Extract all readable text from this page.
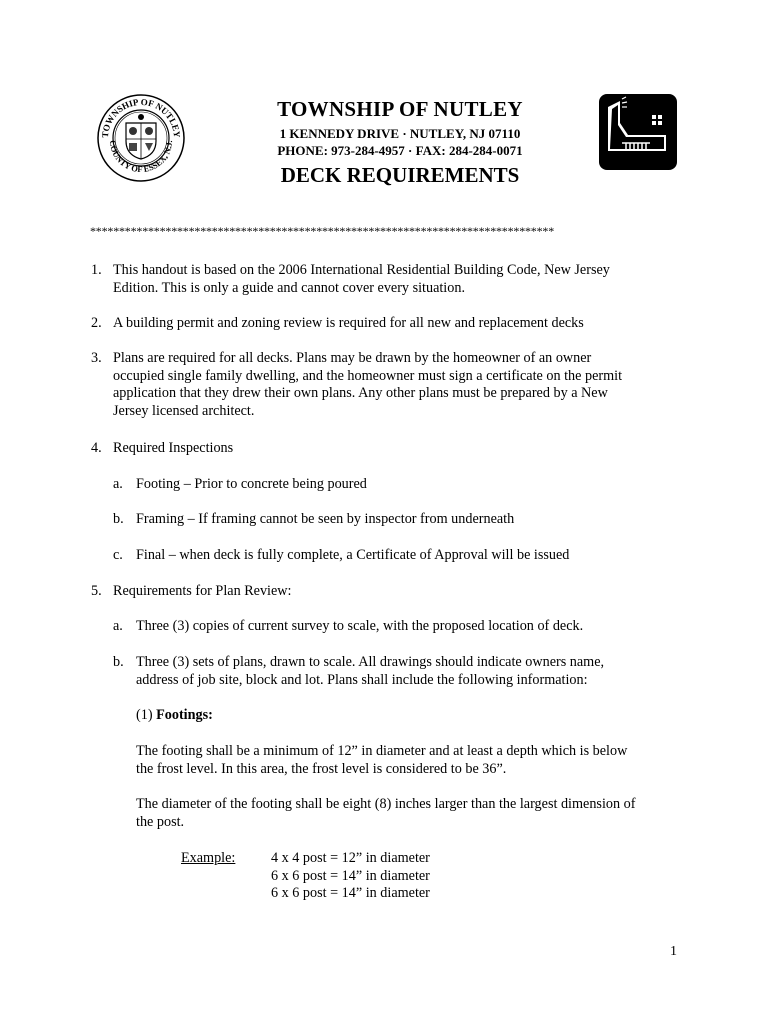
TOWNSHIP OF NUTLEY
COUNTY OF ESSEX, N.J.
TOWNSHIP OF NUTLEY
1 KENNEDY DRIVE · NUTLEY, NJ 07110
PHONE: 973-284-4957 · FAX: 284-284-0071
DECK REQUIREMENTS
********************************************************************************
1. This handout is based on the 2006 International Residential Building Code, New Jersey
Edition. This is only a guide and cannot cover every situation.
2. A building permit and zoning review is required for all new and replacement decks
3. Plans are required for all decks. Plans may be drawn by the homeowner of an owner
occupied single family dwelling, and the homeowner must sign a certificate on the permit
application that they drew their own plans. Any other plans must be prepared by a New
Jersey licensed architect.
4. Required Inspections
a. Footing – Prior to concrete being poured
b. Framing – If framing cannot be seen by inspector from underneath
c. Final – when deck is fully complete, a Certificate of Approval will be issued
5. Requirements for Plan Review:
a. Three (3) copies of current survey to scale, with the proposed location of deck.
b. Three (3) sets of plans, drawn to scale. All drawings should indicate owners name,
address of job site, block and lot. Plans shall include the following information:
(1) Footings:
The footing shall be a minimum of 12” in diameter and at least a depth which is below
the frost level. In this area, the frost level is considered to be 36”.
The diameter of the footing shall be eight (8) inches larger than the largest dimension of
the post.
Example:	4 x 4 post = 12” in diameter
6 x 6 post = 14” in diameter
6 x 6 post = 14” in diameter
1
